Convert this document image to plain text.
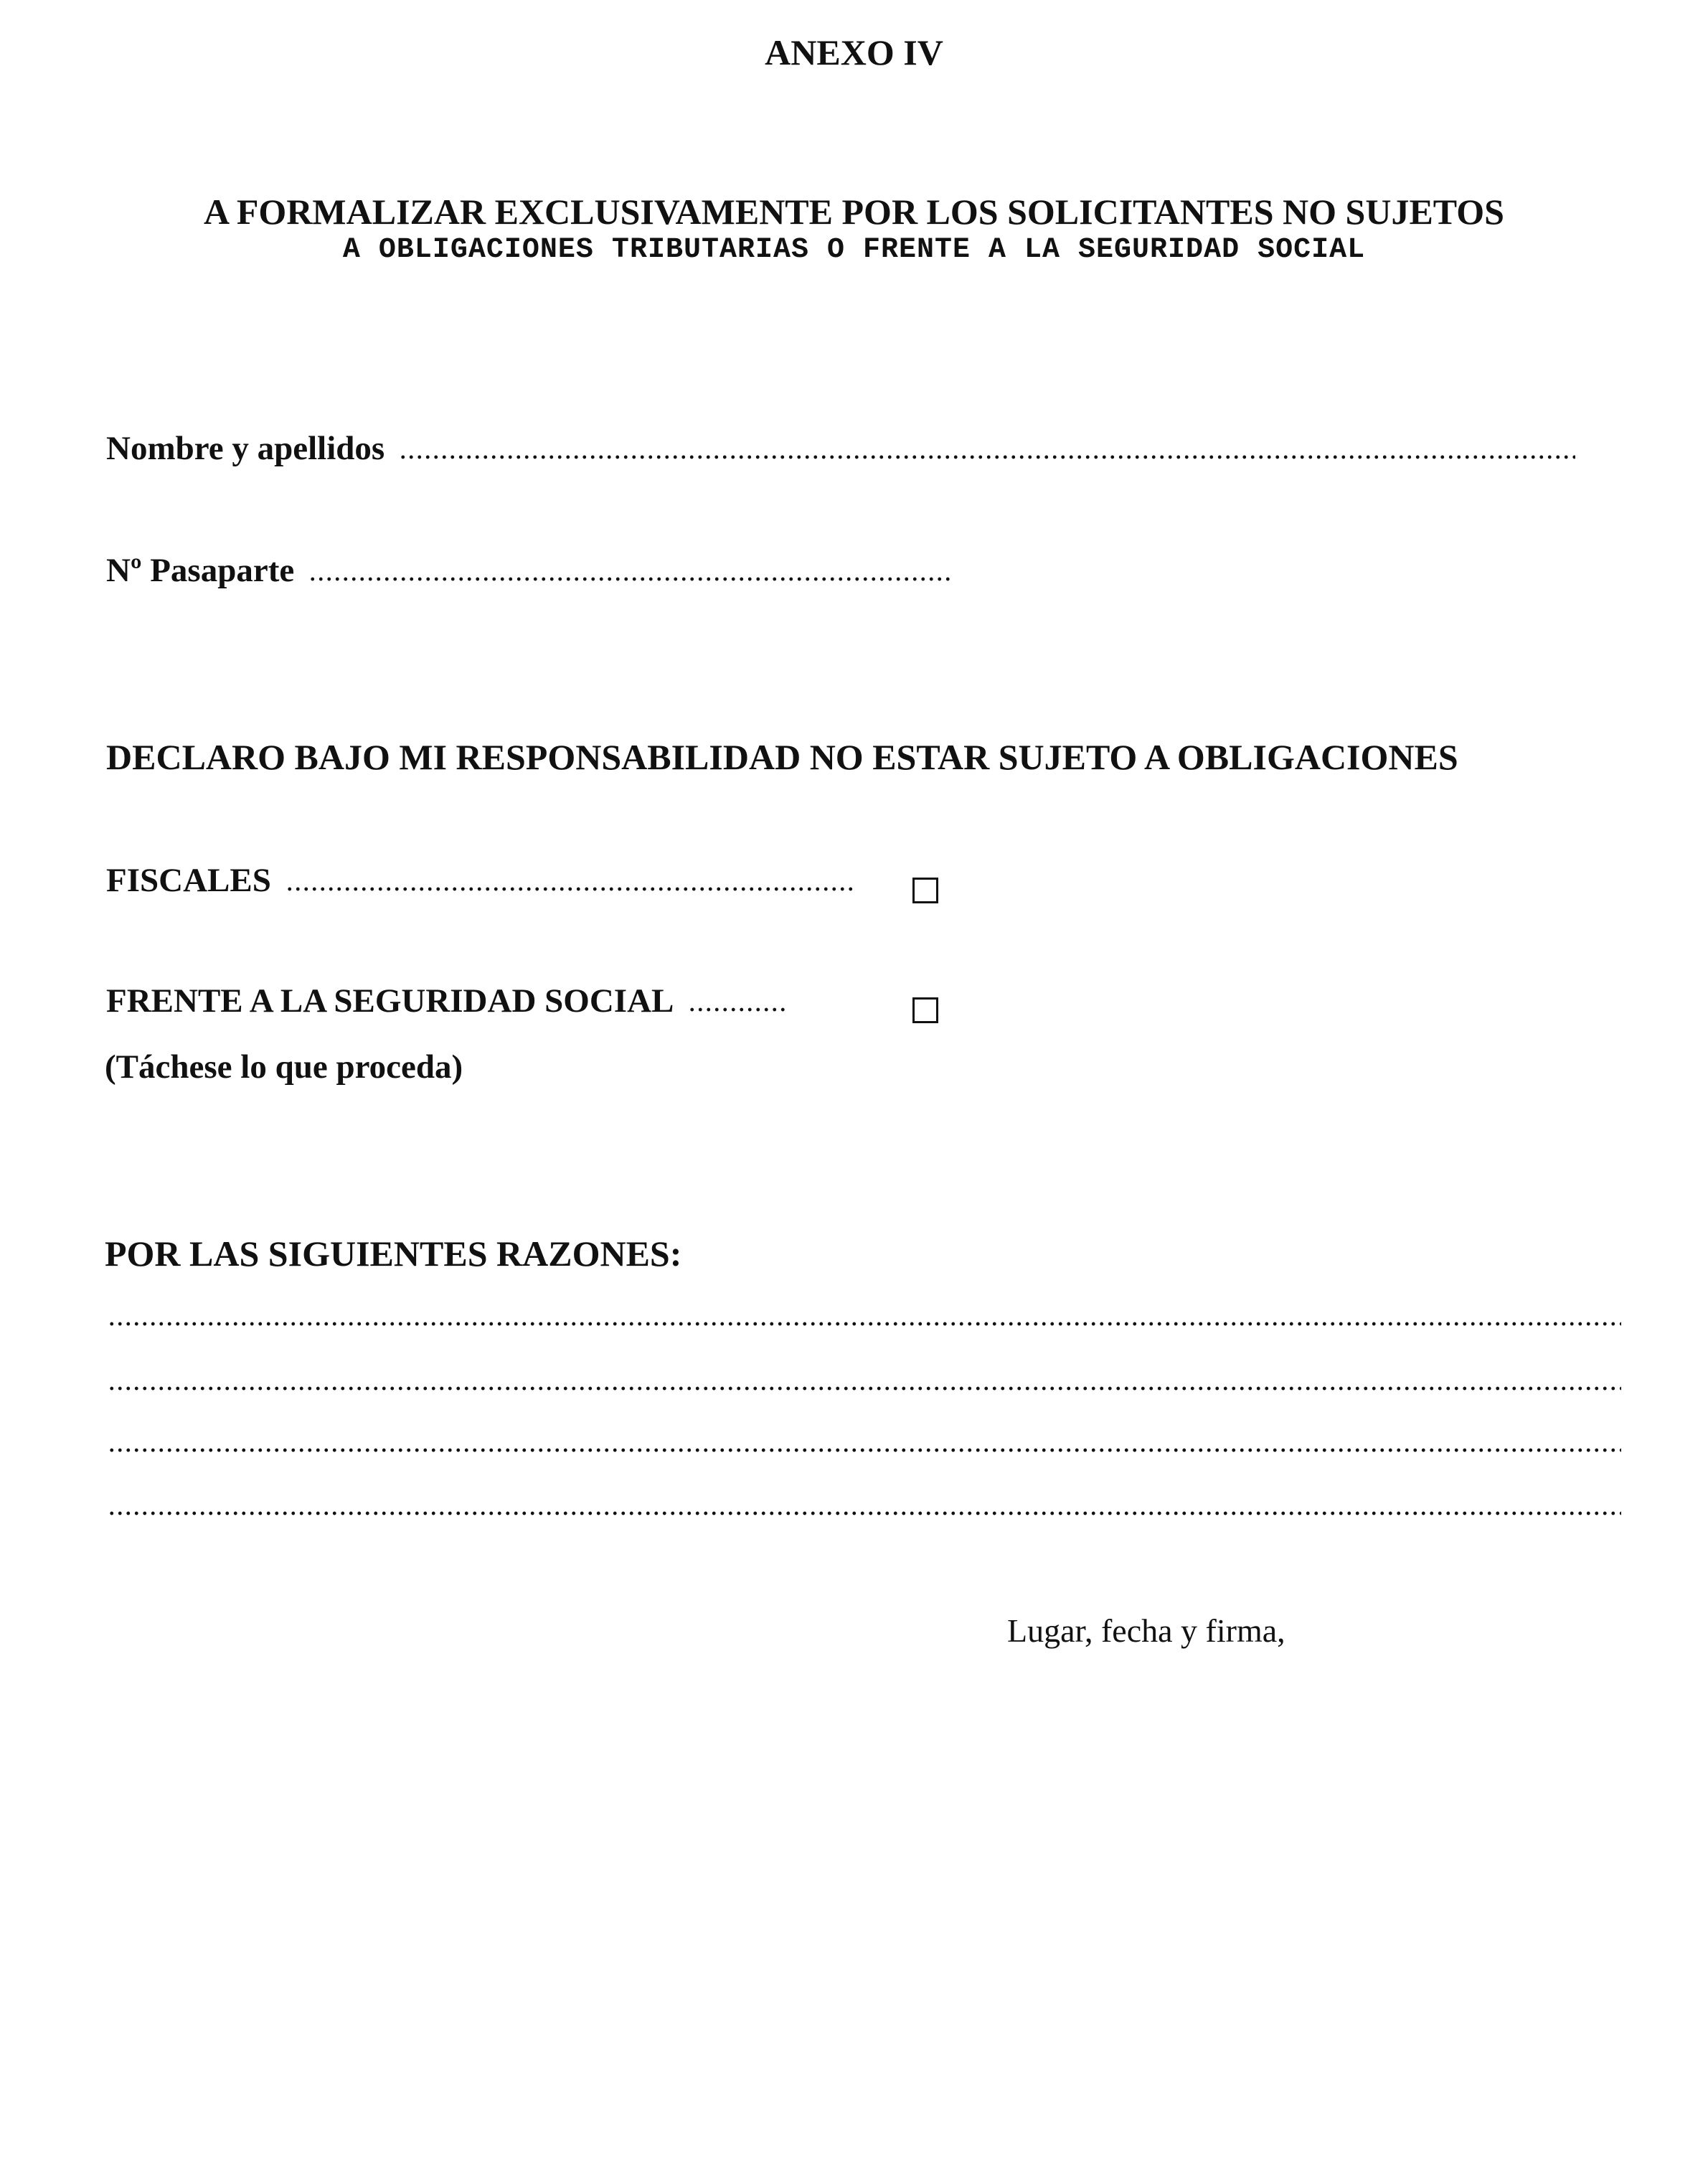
ANEXO IV
A FORMALIZAR EXCLUSIVAMENTE POR LOS SOLICITANTES NO SUJETOS
A OBLIGACIONES TRIBUTARIAS O FRENTE A LA SEGURIDAD SOCIAL
Nombre y apellidos
Nº Pasaparte
DECLARO BAJO MI RESPONSABILIDAD NO ESTAR SUJETO A OBLIGACIONES
FISCALES
FRENTE A LA SEGURIDAD SOCIAL
(Táchese lo que proceda)
POR LAS SIGUIENTES RAZONES:
Lugar, fecha y firma,
